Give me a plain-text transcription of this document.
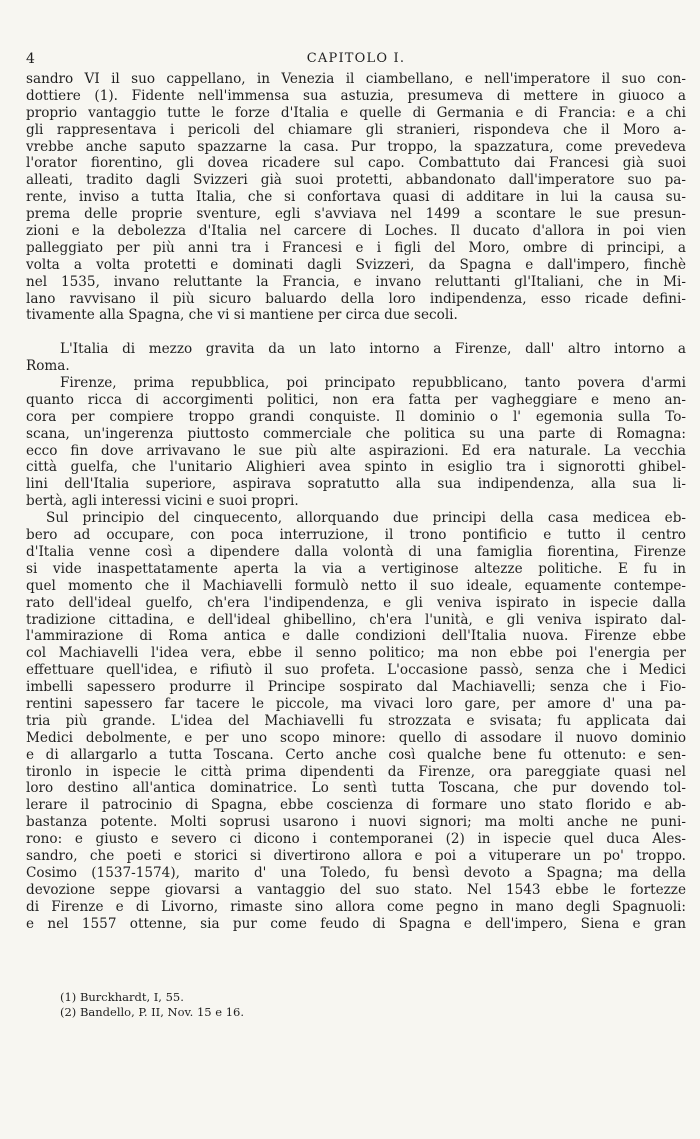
4	CAPITOLO I.
sandro VI il suo cappellano, in Venezia il ciambellano, e nell'imperatore il suo con-
dottiere (1). Fidente nell'immensa sua astuzia, presumeva di mettere in giuoco a
proprio vantaggio tutte le forze d'Italia e quelle di Germania e di Francia: e a chi
gli rappresentava i pericoli del chiamare gli stranieri, rispondeva che il Moro a-
vrebbe anche saputo spazzarne la casa. Pur troppo, la spazzatura, come prevedeva
l'orator fiorentino, gli dovea ricadere sul capo. Combattuto dai Francesi già suoi
alleati, tradito dagli Svizzeri già suoi protetti, abbandonato dall'imperatore suo pa-
rente, inviso a tutta Italia, che si confortava quasi di additare in lui la causa su-
prema delle proprie sventure, egli s'avviava nel 1499 a scontare le sue presun-
zioni e la debolezza d'Italia nel carcere di Loches. Il ducato d'allora in poi vien
palleggiato per più anni tra i Francesi e i figli del Moro, ombre di principi, a
volta a volta protetti e dominati dagli Svizzeri, da Spagna e dall'impero, finchè
nel 1535, invano reluttante la Francia, e invano reluttanti gl'Italiani, che in Mi-
lano ravvisano il più sicuro baluardo della loro indipendenza, esso ricade defini-
tivamente alla Spagna, che vi si mantiene per circa due secoli.
L'Italia di mezzo gravita da un lato intorno a Firenze, dall' altro intorno a
Roma.
Firenze, prima repubblica, poi principato repubblicano, tanto povera d'armi
quanto ricca di accorgimenti politici, non era fatta per vagheggiare e meno an-
cora per compiere troppo grandi conquiste. Il dominio o l' egemonia sulla To-
scana, un'ingerenza piuttosto commerciale che politica su una parte di Romagna:
ecco fin dove arrivavano le sue più alte aspirazioni. Ed era naturale. La vecchia
città guelfa, che l'unitario Alighieri avea spinto in esiglio tra i signorotti ghibel-
lini dell'Italia superiore, aspirava sopratutto alla sua indipendenza, alla sua li-
bertà, agli interessi vicini e suoi propri.
Sul principio del cinquecento, allorquando due principi della casa medicea eb-
bero ad occupare, con poca interruzione, il trono pontificio e tutto il centro
d'Italia venne così a dipendere dalla volontà di una famiglia fiorentina, Firenze
si vide inaspettatamente aperta la via a vertiginose altezze politiche. E fu in
quel momento che il Machiavelli formulò netto il suo ideale, equamente contempe-
rato dell'ideal guelfo, ch'era l'indipendenza, e gli veniva ispirato in ispecie dalla
tradizione cittadina, e dell'ideal ghibellino, ch'era l'unità, e gli veniva ispirato dal-
l'ammirazione di Roma antica e dalle condizioni dell'Italia nuova. Firenze ebbe
col Machiavelli l'idea vera, ebbe il senno politico; ma non ebbe poi l'energia per
effettuare quell'idea, e rifiutò il suo profeta. L'occasione passò, senza che i Medici
imbelli sapessero produrre il Principe sospirato dal Machiavelli; senza che i Fio-
rentini sapessero far tacere le piccole, ma vivaci loro gare, per amore d' una pa-
tria più grande. L'idea del Machiavelli fu strozzata e svisata; fu applicata dai
Medici debolmente, e per uno scopo minore: quello di assodare il nuovo dominio
e di allargarlo a tutta Toscana. Certo anche così qualche bene fu ottenuto: e sen-
tironlo in ispecie le città prima dipendenti da Firenze, ora pareggiate quasi nel
loro destino all'antica dominatrice. Lo sentì tutta Toscana, che pur dovendo tol-
lerare il patrocinio di Spagna, ebbe coscienza di formare uno stato florido e ab-
bastanza potente. Molti soprusi usarono i nuovi signori; ma molti anche ne puni-
rono: e giusto e severo ci dicono i contemporanei (2) in ispecie quel duca Ales-
sandro, che poeti e storici si divertirono allora e poi a vituperare un po' troppo.
Cosimo (1537-1574), marito d' una Toledo, fu bensì devoto a Spagna; ma della
devozione seppe giovarsi a vantaggio del suo stato. Nel 1543 ebbe le fortezze
di Firenze e di Livorno, rimaste sino allora come pegno in mano degli Spagnuoli:
e nel 1557 ottenne, sia pur come feudo di Spagna e dell'impero, Siena e gran
(1) Burckhardt, I, 55.
(2) Bandello, P. II, Nov. 15 e 16.
